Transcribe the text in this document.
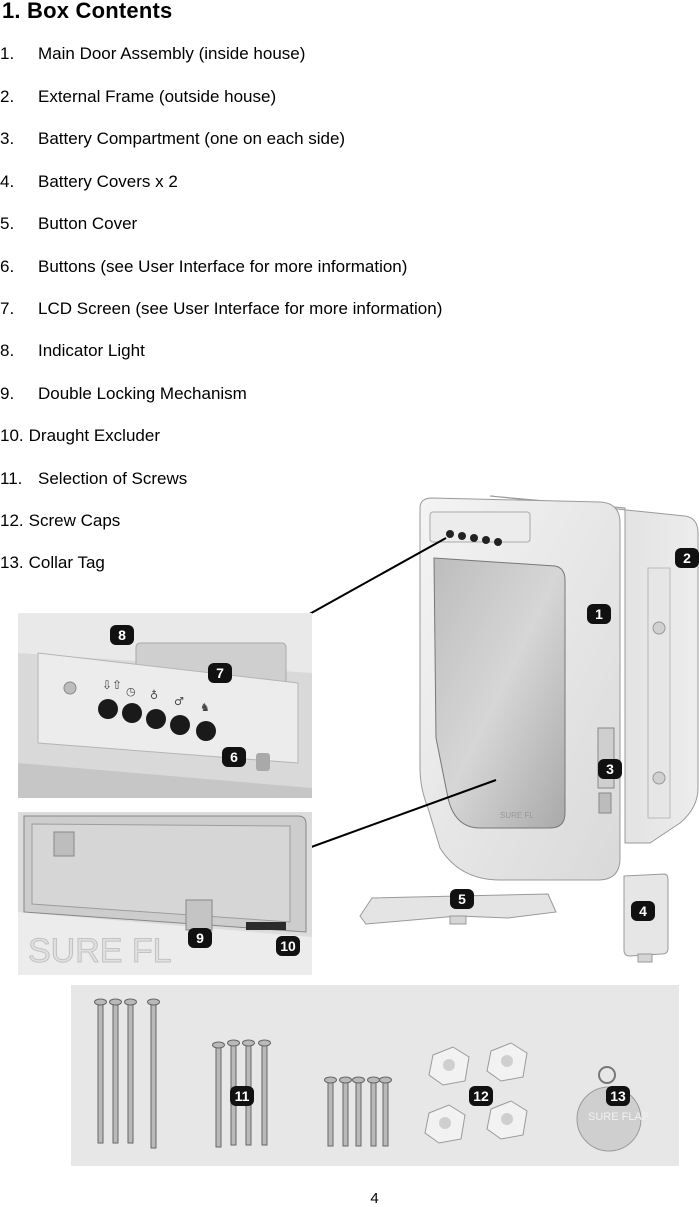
1. Box Contents
1. Main Door Assembly (inside house)
2. External Frame (outside house)
3. Battery Compartment (one on each side)
4. Battery Covers x 2
5. Button Cover
6. Buttons (see User Interface for more information)
7. LCD Screen (see User Interface for more information)
8. Indicator Light
9. Double Locking Mechanism
10. Draught Excluder
11. Selection of Screws
12. Screw Caps
13. Collar Tag
SURE FL
⇩⇧ ◷ ♁ ♂ ♞
SURE FL
SURE FLAP
1
2
3
4
5
6
7
8
9	10
11	12	13
4
